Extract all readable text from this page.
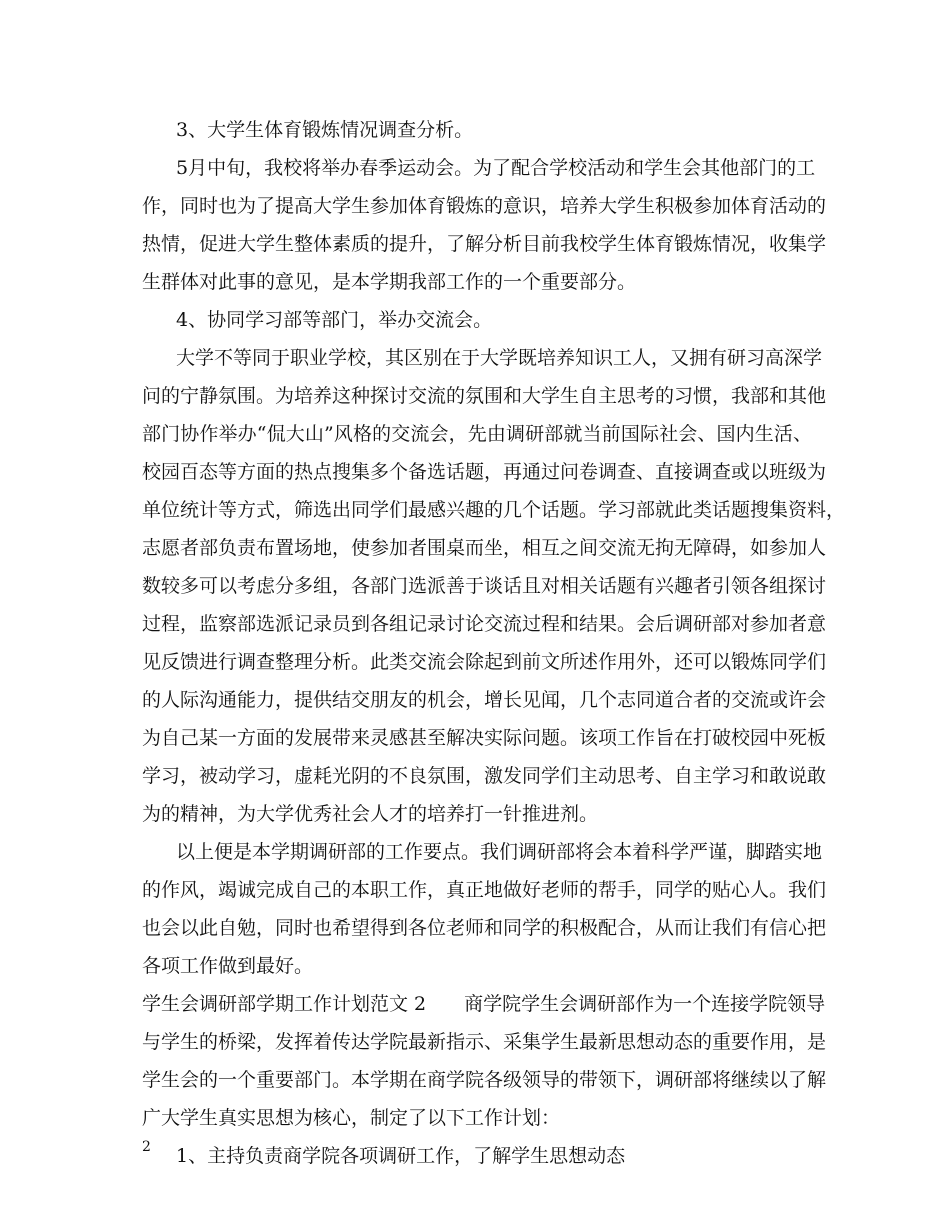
3、大学生体育锻炼情况调查分析。
5月中旬，我校将举办春季运动会。为了配合学校活动和学生会其他部门的工
作，同时也为了提高大学生参加体育锻炼的意识，培养大学生积极参加体育活动的
热情，促进大学生整体素质的提升，了解分析目前我校学生体育锻炼情况，收集学
生群体对此事的意见，是本学期我部工作的一个重要部分。
4、协同学习部等部门，举办交流会。
大学不等同于职业学校，其区别在于大学既培养知识工人，又拥有研习高深学
问的宁静氛围。为培养这种探讨交流的氛围和大学生自主思考的习惯，我部和其他
部门协作举办“侃大山”风格的交流会，先由调研部就当前国际社会、国内生活、
校园百态等方面的热点搜集多个备选话题，再通过问卷调查、直接调查或以班级为
单位统计等方式，筛选出同学们最感兴趣的几个话题。学习部就此类话题搜集资料，
志愿者部负责布置场地，使参加者围桌而坐，相互之间交流无拘无障碍，如参加人
数较多可以考虑分多组，各部门选派善于谈话且对相关话题有兴趣者引领各组探讨
过程，监察部选派记录员到各组记录讨论交流过程和结果。会后调研部对参加者意
见反馈进行调查整理分析。此类交流会除起到前文所述作用外，还可以锻炼同学们
的人际沟通能力，提供结交朋友的机会，增长见闻，几个志同道合者的交流或许会
为自己某一方面的发展带来灵感甚至解决实际问题。该项工作旨在打破校园中死板
学习，被动学习，虚耗光阴的不良氛围，激发同学们主动思考、自主学习和敢说敢
为的精神，为大学优秀社会人才的培养打一针推进剂。
以上便是本学期调研部的工作要点。我们调研部将会本着科学严谨，脚踏实地
的作风，竭诚完成自己的本职工作，真正地做好老师的帮手，同学的贴心人。我们
也会以此自勉，同时也希望得到各位老师和同学的积极配合，从而让我们有信心把
各项工作做到最好。
学生会调研部学期工作计划范文 2　　商学院学生会调研部作为一个连接学院领导
与学生的桥梁，发挥着传达学院最新指示、采集学生最新思想动态的重要作用，是
学生会的一个重要部门。本学期在商学院各级领导的带领下，调研部将继续以了解
广大学生真实思想为核心，制定了以下工作计划：
1、主持负责商学院各项调研工作，了解学生思想动态
2
